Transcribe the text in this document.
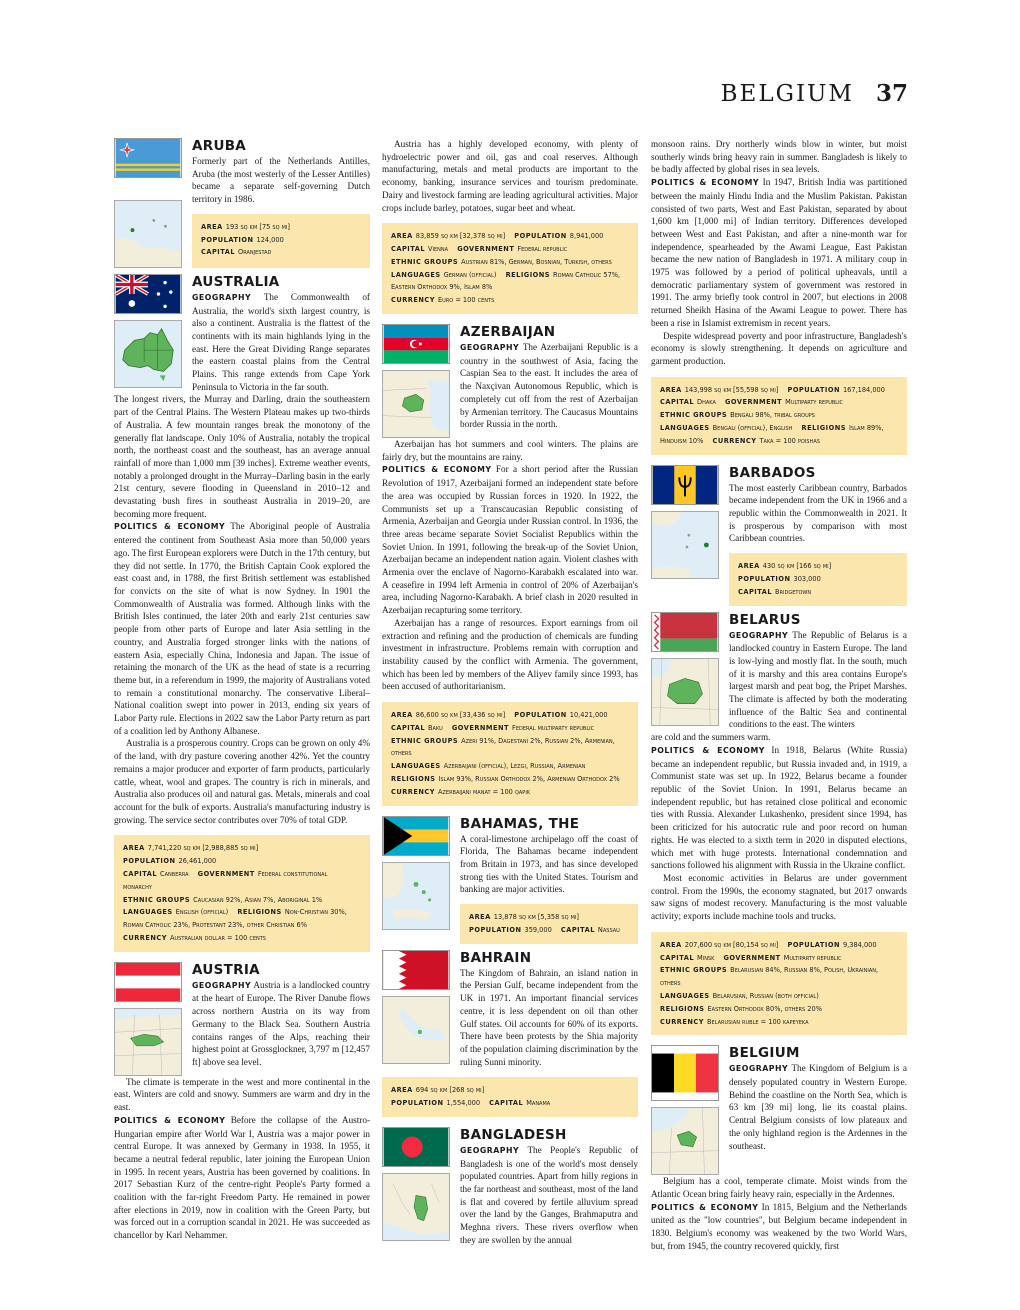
BELGIUM 37
ARUBA

Formerly part of the Netherlands Antilles, Aruba (the most westerly of the Lesser Antilles) became a separate self-governing Dutch territory in 1986.

AREA 193 sq km [75 sq mi]
POPULATION 124,000 CAPITAL Oranjestad
AUSTRALIA

GEOGRAPHY The Commonwealth of Australia, the world's sixth largest country, is also a continent. Australia is the flattest of the continents with its main highlands lying in the east. Here the Great Dividing Range separates the eastern coastal plains from the Central Plains. This range extends from Cape York Peninsula to Victoria in the far south.

The longest rivers, the Murray and Darling, drain the southeastern part of the Central Plains. The Western Plateau makes up two-thirds of Australia. A few mountain ranges break the monotony of the generally flat landscape. Only 10% of Australia, notably the tropical north, the northeast coast and the southeast, has an average annual rainfall of more than 1,000 mm [39 inches]. Extreme weather events, notably a prolonged drought in the Murray–Darling basin in the early 21st century, severe flooding in Queensland in 2010–12 and devastating bush fires in southeast Australia in 2019–20, are becoming more frequent.

POLITICS & ECONOMY The Aboriginal people of Australia entered the continent from Southeast Asia more than 50,000 years ago. The first European explorers were Dutch in the 17th century, but they did not settle. In 1770, the British Captain Cook explored the east coast and, in 1788, the first British settlement was established for convicts on the site of what is now Sydney. In 1901 the Commonwealth of Australia was formed. Although links with the British Isles continued, the later 20th and early 21st centuries saw people from other parts of Europe and later Asia settling in the country, and Australia forged stronger links with the nations of eastern Asia, especially China, Indonesia and Japan. The issue of retaining the monarch of the UK as the head of state is a recurring theme but, in a referendum in 1999, the majority of Australians voted to remain a constitutional monarchy. The conservative Liberal–National coalition swept into power in 2013, ending six years of Labor Party rule. Elections in 2022 saw the Labor Party return as part of a coalition led by Anthony Albanese.

Australia is a prosperous country. Crops can be grown on only 4% of the land, with dry pasture covering another 42%. Yet the country remains a major producer and exporter of farm products, particularly cattle, wheat, wool and grapes. The country is rich in minerals, and Australia also produces oil and natural gas. Metals, minerals and coal account for the bulk of exports. Australia's manufacturing industry is growing. The service sector contributes over 70% of total GDP.

AREA 7,741,220 sq km [2,988,885 sq mi] POPULATION 26,461,000
CAPITAL Canberra GOVERNMENT Federal constitutional monarchy
ETHNIC GROUPS Caucasian 92%, Asian 7%, Aboriginal 1%
LANGUAGES English (official) RELIGIONS Non-Christian 30%, Roman Catholic 23%, Protestant 23%, other Christian 6%
CURRENCY Australian dollar = 100 cents
AUSTRIA

GEOGRAPHY Austria is a landlocked country at the heart of Europe. The River Danube flows across northern Austria on its way from Germany to the Black Sea. Southern Austria contains ranges of the Alps, reaching their highest point at Grossglockner, 3,797 m [12,457 ft] above sea level.

The climate is temperate in the west and more continental in the east. Winters are cold and snowy. Summers are warm and dry in the east.

POLITICS & ECONOMY Before the collapse of the Austro-Hungarian empire after World War I, Austria was a major power in central Europe. It was annexed by Germany in 1938. In 1955, it became a neutral federal republic, later joining the European Union in 1995. In recent years, Austria has been governed by coalitions. In 2017 Sebastian Kurz of the centre-right People's Party formed a coalition with the far-right Freedom Party. He remained in power after elections in 2019, now in coalition with the Green Party, but was forced out in a corruption scandal in 2021. He was succeeded as chancellor by Karl Nehammer.

Austria has a highly developed economy, with plenty of hydroelectric power and oil, gas and coal reserves. Although manufacturing, metals and metal products are important to the economy, banking, insurance services and tourism predominate. Dairy and livestock farming are leading agricultural activities. Major crops include barley, potatoes, sugar beet and wheat.

AREA 83,859 sq km [32,378 sq mi] POPULATION 8,941,000
CAPITAL Vienna GOVERNMENT Federal republic
ETHNIC GROUPS Austrian 81%, German, Bosnian, Turkish, others
LANGUAGES German (official) RELIGIONS Roman Catholic 57%, Eastern Orthodox 9%, Islam 8%
CURRENCY Euro = 100 cents
AZERBAIJAN

GEOGRAPHY The Azerbaijani Republic is a country in the southwest of Asia, facing the Caspian Sea to the east. It includes the area of the Naxçivan Autonomous Republic, which is completely cut off from the rest of Azerbaijan by Armenian territory. The Caucasus Mountains border Russia in the north.

Azerbaijan has hot summers and cool winters. The plains are fairly dry, but the mountains are rainy.

POLITICS & ECONOMY For a short period after the Russian Revolution of 1917, Azerbaijani formed an independent state before the area was occupied by Russian forces in 1920. In 1922, the Communists set up a Transcaucasian Republic consisting of Armenia, Azerbaijan and Georgia under Russian control. In 1936, the three areas became separate Soviet Socialist Republics within the Soviet Union. In 1991, following the break-up of the Soviet Union, Azerbaijan became an independent nation again. Violent clashes with Armenia over the enclave of Nagorno-Karabakh escalated into war. A ceasefire in 1994 left Armenia in control of 20% of Azerbaijan's area, including Nagorno-Karabakh. A brief clash in 2020 resulted in Azerbaijan recapturing some territory.

Azerbaijan has a range of resources. Export earnings from oil extraction and refining and the production of chemicals are funding investment in infrastructure. Problems remain with corruption and instability caused by the conflict with Armenia. The government, which has been led by members of the Aliyev family since 1993, has been accused of authoritarianism.

AREA 86,600 sq km [33,436 sq mi] POPULATION 10,421,000
CAPITAL Baku GOVERNMENT Federal multiparty republic
ETHNIC GROUPS Azeri 91%, Dagestani 2%, Russian 2%, Armenian, others
LANGUAGES Azerbaijani (official), Lezgi, Russian, Armenian
RELIGIONS Islam 93%, Russian Orthodox 2%, Armenian Orthodox 2%
CURRENCY Azerbaijani manat = 100 qapik
BAHAMAS, THE

A coral-limestone archipelago off the coast of Florida, The Bahamas became independent from Britain in 1973, and has since developed strong ties with the United States. Tourism and banking are major activities.

AREA 13,878 sq km [5,358 sq mi]
POPULATION 359,000 CAPITAL Nassau
BAHRAIN

The Kingdom of Bahrain, an island nation in the Persian Gulf, became independent from the UK in 1971. An important financial services centre, it is less dependent on oil than other Gulf states. Oil accounts for 60% of its exports. There have been protests by the Shia majority of the population claiming discrimination by the ruling Sunni minority.

AREA 694 sq km [268 sq mi]
POPULATION 1,554,000 CAPITAL Manama
BANGLADESH

GEOGRAPHY The People's Republic of Bangladesh is one of the world's most densely populated countries. Apart from hilly regions in the far northeast and southeast, most of the land is flat and covered by fertile alluvium spread over the land by the Ganges, Brahmaputra and Meghna rivers. These rivers overflow when they are swollen by the annual

monsoon rains. Dry northerly winds blow in winter, but moist southerly winds bring heavy rain in summer. Bangladesh is likely to be badly affected by global rises in sea levels.

POLITICS & ECONOMY In 1947, British India was partitioned between the mainly Hindu India and the Muslim Pakistan. Pakistan consisted of two parts, West and East Pakistan, separated by about 1,600 km [1,000 mi] of Indian territory. Differences developed between West and East Pakistan, and after a nine-month war for independence, spearheaded by the Awami League, East Pakistan became the new nation of Bangladesh in 1971. A military coup in 1975 was followed by a period of political upheavals, until a democratic parliamentary system of government was restored in 1991. The army briefly took control in 2007, but elections in 2008 returned Sheikh Hasina of the Awami League to power. There has been a rise in Islamist extremism in recent years.

Despite widespread poverty and poor infrastructure, Bangladesh's economy is slowly strengthening. It depends on agriculture and garment production.

AREA 143,998 sq km [55,598 sq mi] POPULATION 167,184,000
CAPITAL Dhaka GOVERNMENT Multiparty republic
ETHNIC GROUPS Bengali 98%, tribal groups
LANGUAGES Bengali (official), English RELIGIONS Islam 89%, Hinduism 10% CURRENCY Taka = 100 poishas
BARBADOS

The most easterly Caribbean country, Barbados became independent from the UK in 1966 and a republic within the Commonwealth in 2021. It is prosperous by comparison with most Caribbean countries.

AREA 430 sq km [166 sq mi]
POPULATION 303,000 CAPITAL Bridgetown
BELARUS

GEOGRAPHY The Republic of Belarus is a landlocked country in Eastern Europe. The land is low-lying and mostly flat. In the south, much of it is marshy and this area contains Europe's largest marsh and peat bog, the Pripet Marshes. The climate is affected by both the moderating influence of the Baltic Sea and continental conditions to the east. The winters

are cold and the summers warm.

POLITICS & ECONOMY In 1918, Belarus (White Russia) became an independent republic, but Russia invaded and, in 1919, a Communist state was set up. In 1922, Belarus became a founder republic of the Soviet Union. In 1991, Belarus became an independent republic, but has retained close political and economic ties with Russia. Alexander Lukashenko, president since 1994, has been criticized for his autocratic rule and poor record on human rights. He was elected to a sixth term in 2020 in disputed elections, which met with huge protests. International condemnation and sanctions followed his alignment with Russia in the Ukraine conflict.

Most economic activities in Belarus are under government control. From the 1990s, the economy stagnated, but 2017 onwards saw signs of modest recovery. Manufacturing is the most valuable activity; exports include machine tools and trucks.

AREA 207,600 sq km [80,154 sq mi] POPULATION 9,384,000
CAPITAL Minsk GOVERNMENT Multiparty republic
ETHNIC GROUPS Belarusian 84%, Russian 8%, Polish, Ukrainian, others
LANGUAGES Belarusian, Russian (both official)
RELIGIONS Eastern Orthodox 80%, others 20%
CURRENCY Belarusian ruble = 100 kapeyeka
BELGIUM

GEOGRAPHY The Kingdom of Belgium is a densely populated country in Western Europe. Behind the coastline on the North Sea, which is 63 km [39 mi] long, lie its coastal plains. Central Belgium consists of low plateaux and the only highland region is the Ardennes in the southeast.

Belgium has a cool, temperate climate. Moist winds from the Atlantic Ocean bring fairly heavy rain, especially in the Ardennes.

POLITICS & ECONOMY In 1815, Belgium and the Netherlands united as the "low countries", but Belgium became independent in 1830. Belgium's economy was weakened by the two World Wars, but, from 1945, the country recovered quickly, first
